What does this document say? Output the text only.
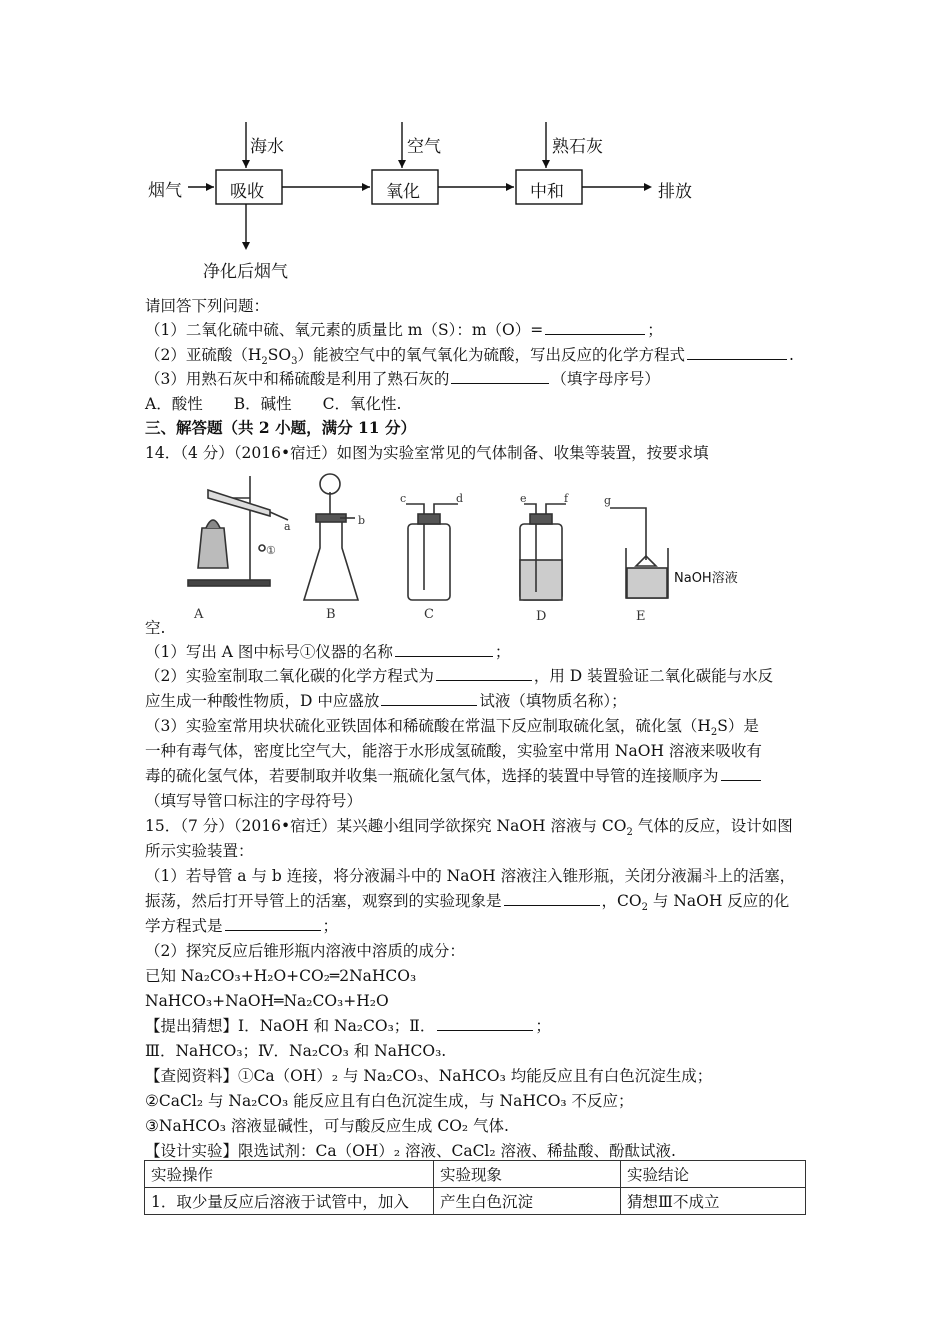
烟气
海水
吸收
空气
氧化
熟石灰
中和	排放
净化后烟气
请回答下列问题：
（1）二氧化硫中硫、氧元素的质量比 m（S）：m（O）=	；
（2）亚硫酸$(H_2SO_3)$能被空气中的氧气氧化为硫酸，写出反应的化学方程式	.
（3）用熟石灰中和稀硫酸是利用了熟石灰的	（填字母序号）
A．酸性　　B．碱性　　C．氧化性.
三、解答题（共 2 小题，满分 11 分）
14．（4 分）（2016•宿迁）如图为实验室常见的气体制备、收集等装置，按要求填
A	B	C	D	E
a	b
c	d	e	f	g
①
NaOH溶液
空.
（1）写出 A 图中标号①仪器的名称	；
（2）实验室制取二氧化碳的化学方程式为	，用 D 装置验证二氧化碳能与水反
应生成一种酸性物质，D 中应盛放	试液（填物质名称）；
（3）实验室常用块状硫化亚铁固体和稀硫酸在常温下反应制取硫化氢，硫化氢$(H_2S)$是
一种有毒气体，密度比空气大，能溶于水形成氢硫酸，实验室中常用 NaOH 溶液来吸收有
毒的硫化氢气体，若要制取并收集一瓶硫化氢气体，选择的装置中导管的连接顺序为
（填写导管口标注的字母符号）
15．（7 分）（2016•宿迁）某兴趣小组同学欲探究 NaOH 溶液与 $CO_2$ 气体的反应，设计如图
所示实验装置：
（1）若导管 a 与 b 连接，将分液漏斗中的 NaOH 溶液注入锥形瓶，关闭分液漏斗上的活塞，
振荡，然后打开导管上的活塞，观察到的实验现象是	，$CO_2$ 与 NaOH 反应的化
学方程式是	；
（2）探究反应后锥形瓶内溶液中溶质的成分：
已知 Na₂CO₃+H₂O+CO₂═2NaHCO₃
NaHCO₃+NaOH═Na₂CO₃+H₂O
【提出猜想】Ⅰ．NaOH 和 Na₂CO₃；Ⅱ．	；
Ⅲ．NaHCO₃；Ⅳ．Na₂CO₃ 和 NaHCO₃.
【查阅资料】①Ca（OH）₂ 与 Na₂CO₃、NaHCO₃ 均能反应且有白色沉淀生成；
②CaCl₂ 与 Na₂CO₃ 能反应且有白色沉淀生成，与 NaHCO₃ 不反应；
③NaHCO₃ 溶液显碱性，可与酸反应生成 CO₂ 气体.
【设计实验】限选试剂：Ca（OH）₂ 溶液、CaCl₂ 溶液、稀盐酸、酚酞试液.
实验操作	实验现象	实验结论
1．取少量反应后溶液于试管中，加入	产生白色沉淀	猜想Ⅲ不成立
